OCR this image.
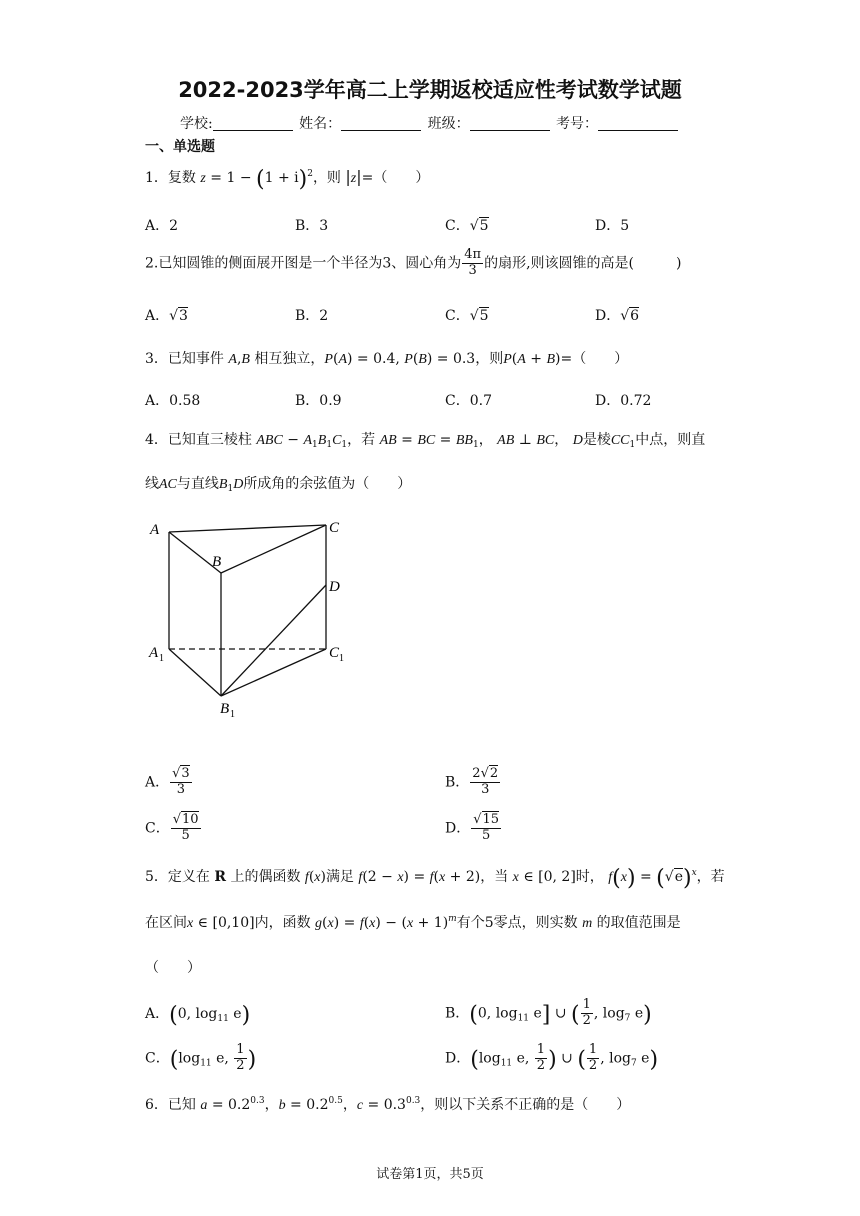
2022-2023学年高二上学期返校适应性考试数学试题
学校:	姓名：	班级：	考号：
一、单选题
1．复数 $z = 1 - (1 + i)^2$，则 |z|=（　　）
A．2	B．3	C．√5	D．5
2.已知圆锥的侧面展开图是一个半径为3、圆心角为 $\frac{4\pi}{3}$ 的扇形,则该圆锥的高是(　　　)
A．√3	B．2	C．√5	D．√6
3．已知事件 A,B 相互独立，P(A) = 0.4, P(B) = 0.3，则P(A + B)=（　　）
A．0.58	B．0.9	C．0.7	D．0.72
4．已知直三棱柱 ABC − $A_1B_1C_1$，若 AB = BC = $BB_1$， AB ⊥ BC， D是棱$CC_1$中点，则直
线AC与直线$B_1D$所成角的余弦值为（　　）
A
B
C
D
A 1	C 1
B 1
A． $\frac{√3}{3}$	B． $\frac{2√2}{3}$
C． $\frac{√10}{5}$	D． $\frac{√15}{5}$
5．定义在 R 上的偶函数 f(x)满足 f(2 − x) = f(x + 2)，当 x ∈ [0, 2]时， $f(x) = (√e)^x$，若
在区间x ∈ [0,10]内，函数 $g(x) = f(x) - (x + 1)^m$有个5零点，则实数 m 的取值范围是
（　　）
A．(0, $\log_{11} e$)	B．(0, $\log_{11} e$] ∪ ( $\frac{1}{2}$ , $\log_7 e$)
C．($\log_{11}$ e, $\frac{1}{2}$ )	D．($\log_{11}$ e, $\frac{1}{2}$ ) ∪ ( $\frac{1}{2}$ , $\log_7 e$)
6．已知 $a = 0.2^{0.3}$，$b = 0.2^{0.5}$，$c = 0.3^{0.3}$，则以下关系不正确的是（　　）
试卷第1页，共5页
